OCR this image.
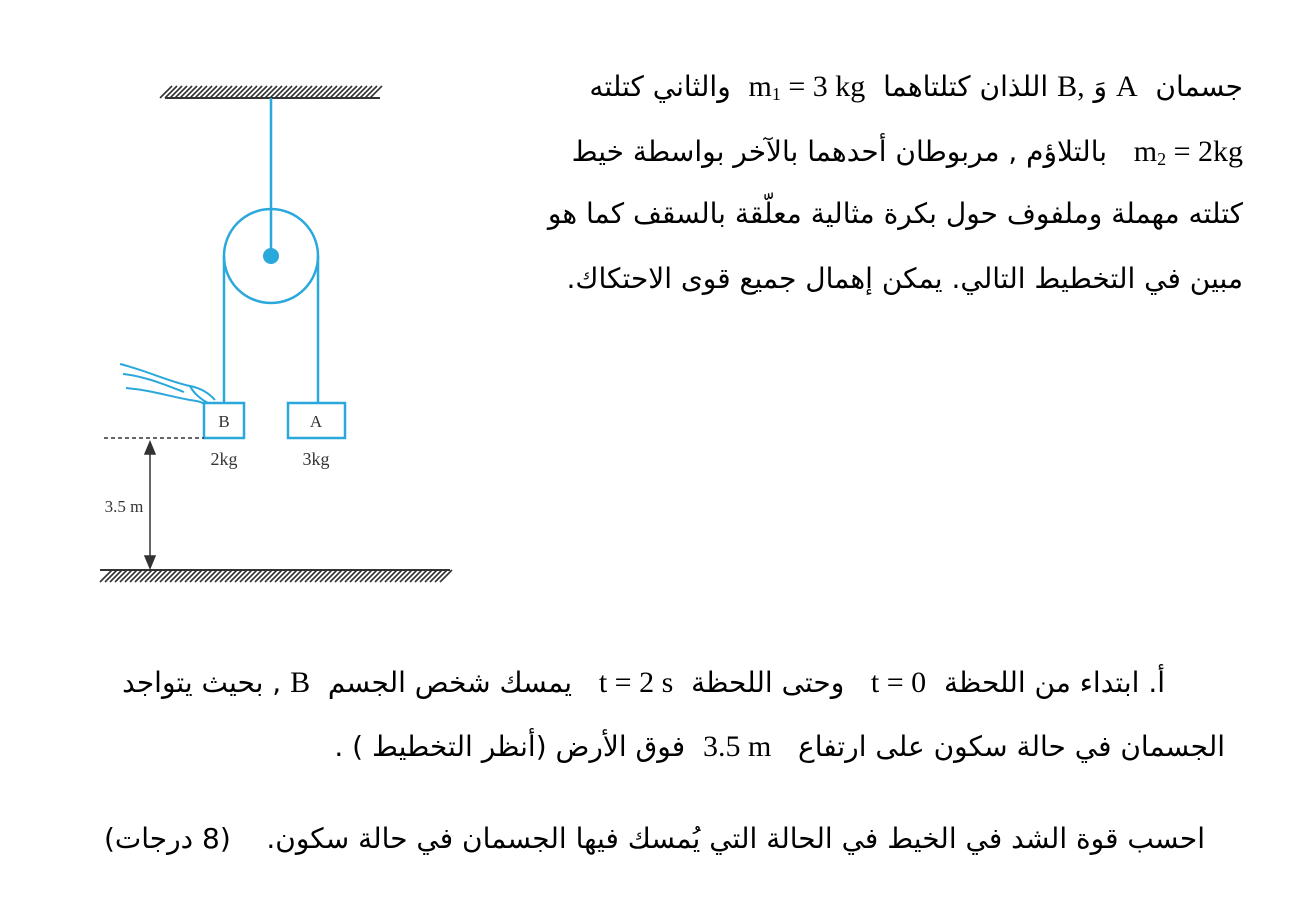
جسمان  A وَ B, اللذان كتلتاهما  $m_1 = 3$ kg  والثاني كتلته
$m_2 = 2kg$   بالتلاؤم , مربوطان أحدهما بالآخر بواسطة خيط
كتلته مهملة وملفوف حول بكرة مثالية معلّقة بالسقف كما هو
مبين في التخطيط التالي. يمكن إهمال جميع قوى الاحتكاك.
B
2kg
A
3kg
3.5 m
أ. ابتداء من اللحظة  t = 0   وحتى اللحظة  t = 2 s   يمسك شخص الجسم  B , بحيث يتواجد
الجسمان في حالة سكون على ارتفاع   3.5 m  فوق الأرض (أنظر التخطيط ) .
احسب قوة الشد في الخيط في الحالة التي يُمسك فيها الجسمان في حالة سكون.    (8 درجات)
